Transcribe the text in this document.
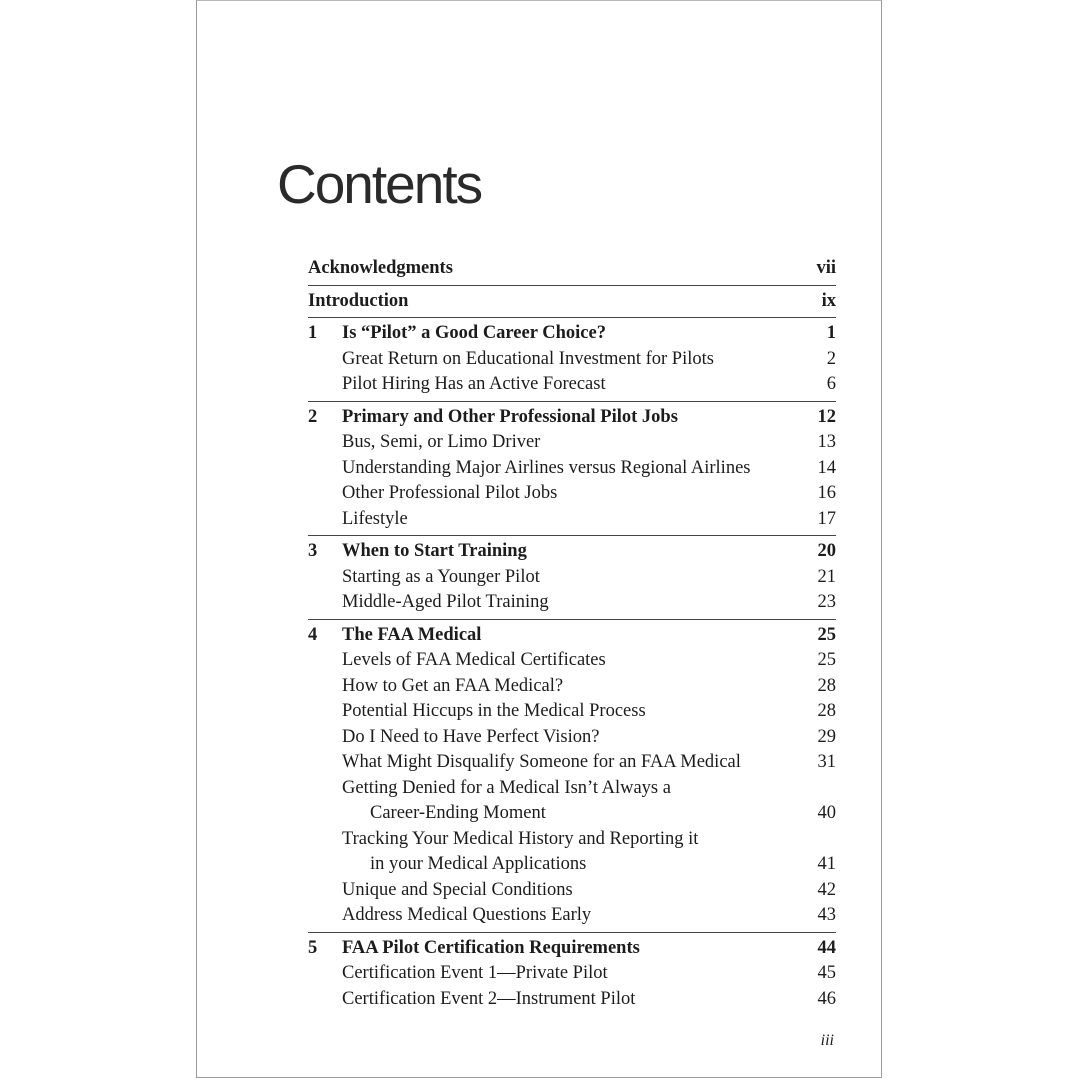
Contents
Acknowledgments	vii
Introduction	ix
1 Is “Pilot” a Good Career Choice?	1
Great Return on Educational Investment for Pilots	2
Pilot Hiring Has an Active Forecast	6
2 Primary and Other Professional Pilot Jobs	12
Bus, Semi, or Limo Driver	13
Understanding Major Airlines versus Regional Airlines	14
Other Professional Pilot Jobs	16
Lifestyle	17
3 When to Start Training	20
Starting as a Younger Pilot	21
Middle-Aged Pilot Training	23
4 The FAA Medical	25
Levels of FAA Medical Certificates	25
How to Get an FAA Medical?	28
Potential Hiccups in the Medical Process	28
Do I Need to Have Perfect Vision?	29
What Might Disqualify Someone for an FAA Medical	31
Getting Denied for a Medical Isn’t Always a
Career-Ending Moment	40
Tracking Your Medical History and Reporting it
in your Medical Applications	41
Unique and Special Conditions	42
Address Medical Questions Early	43
5 FAA Pilot Certification Requirements	44
Certification Event 1—Private Pilot	45
Certification Event 2—Instrument Pilot	46
iii
